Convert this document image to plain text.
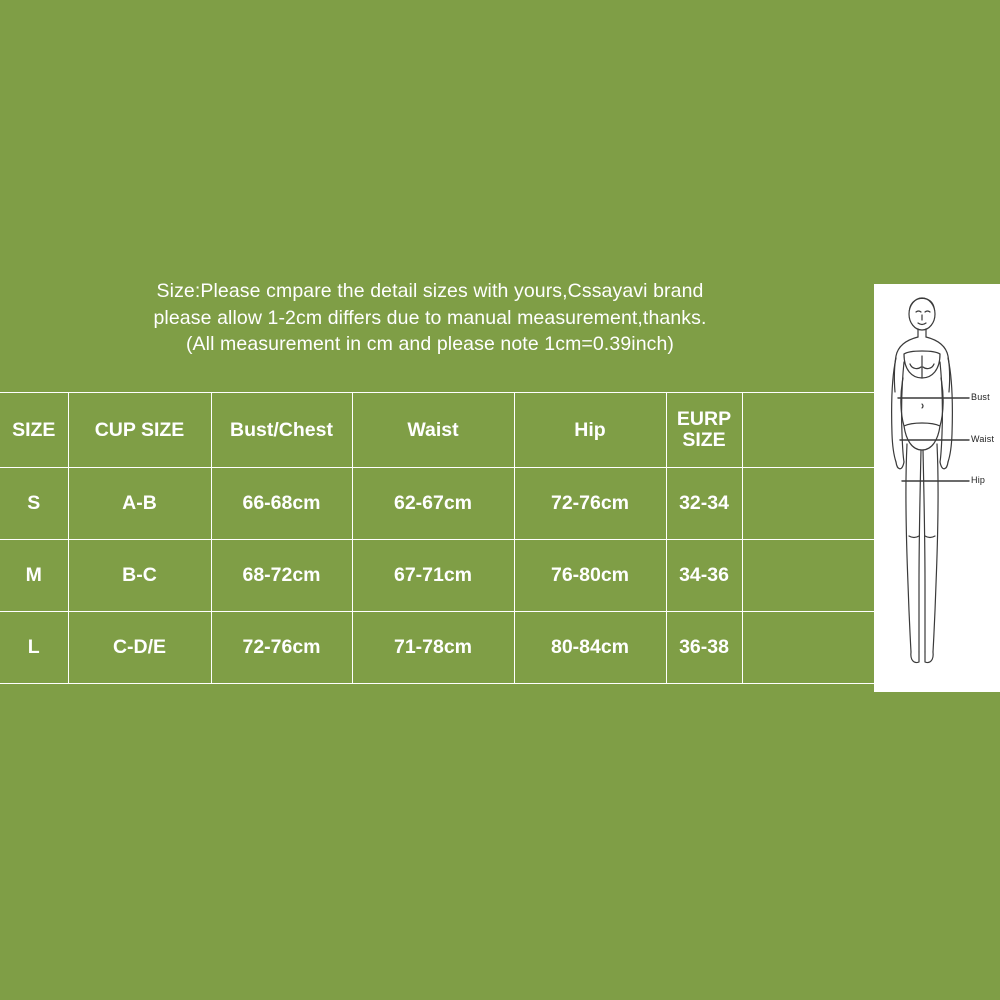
Size:Please cmpare the detail sizes with yours,Cssayavi brand
please allow 1-2cm differs due to manual measurement,thanks.
(All measurement in cm and please note 1cm=0.39inch)
SIZE	CUP SIZE	Bust/Chest	Waist	Hip	EURP
SIZE	

S	A-B	66-68cm	62-67cm	72-76cm	32-34	
M	B-C	68-72cm	67-71cm	76-80cm	34-36	
L	C-D/E	72-76cm	71-78cm	80-84cm	36-38	
Bust
Waist
Hip
